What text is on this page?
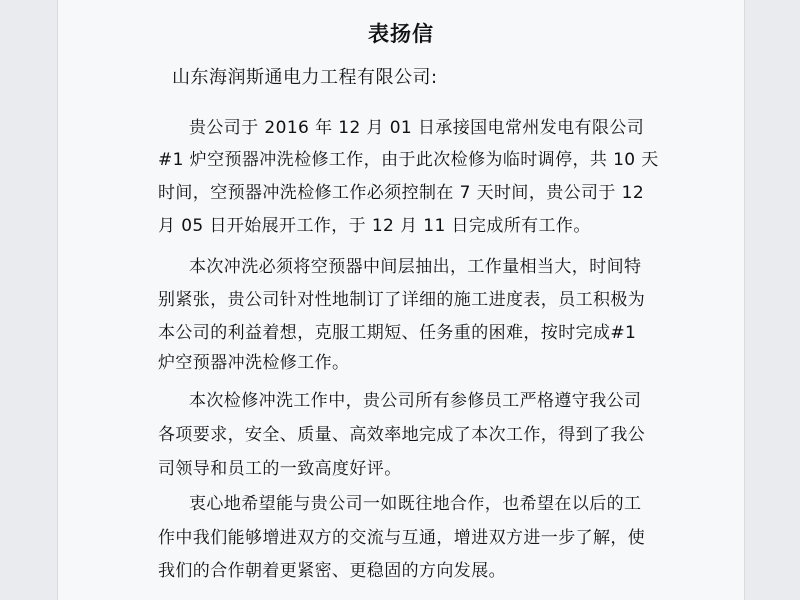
表扬信
山东海润斯通电力工程有限公司:
贵公司于 2016 年 12 月 01 日承接国电常州发电有限公司
#1 炉空预器冲洗检修工作，由于此次检修为临时调停，共 10 天
时间，空预器冲洗检修工作必须控制在 7 天时间，贵公司于 12
月 05 日开始展开工作，于 12 月 11 日完成所有工作。
本次冲洗必须将空预器中间层抽出，工作量相当大，时间特
别紧张，贵公司针对性地制订了详细的施工进度表，员工积极为
本公司的利益着想，克服工期短、任务重的困难，按时完成#1
炉空预器冲洗检修工作。
本次检修冲洗工作中，贵公司所有参修员工严格遵守我公司
各项要求，安全、质量、高效率地完成了本次工作，得到了我公
司领导和员工的一致高度好评。
衷心地希望能与贵公司一如既往地合作，也希望在以后的工
作中我们能够增进双方的交流与互通，增进双方进一步了解，使
我们的合作朝着更紧密、更稳固的方向发展。
